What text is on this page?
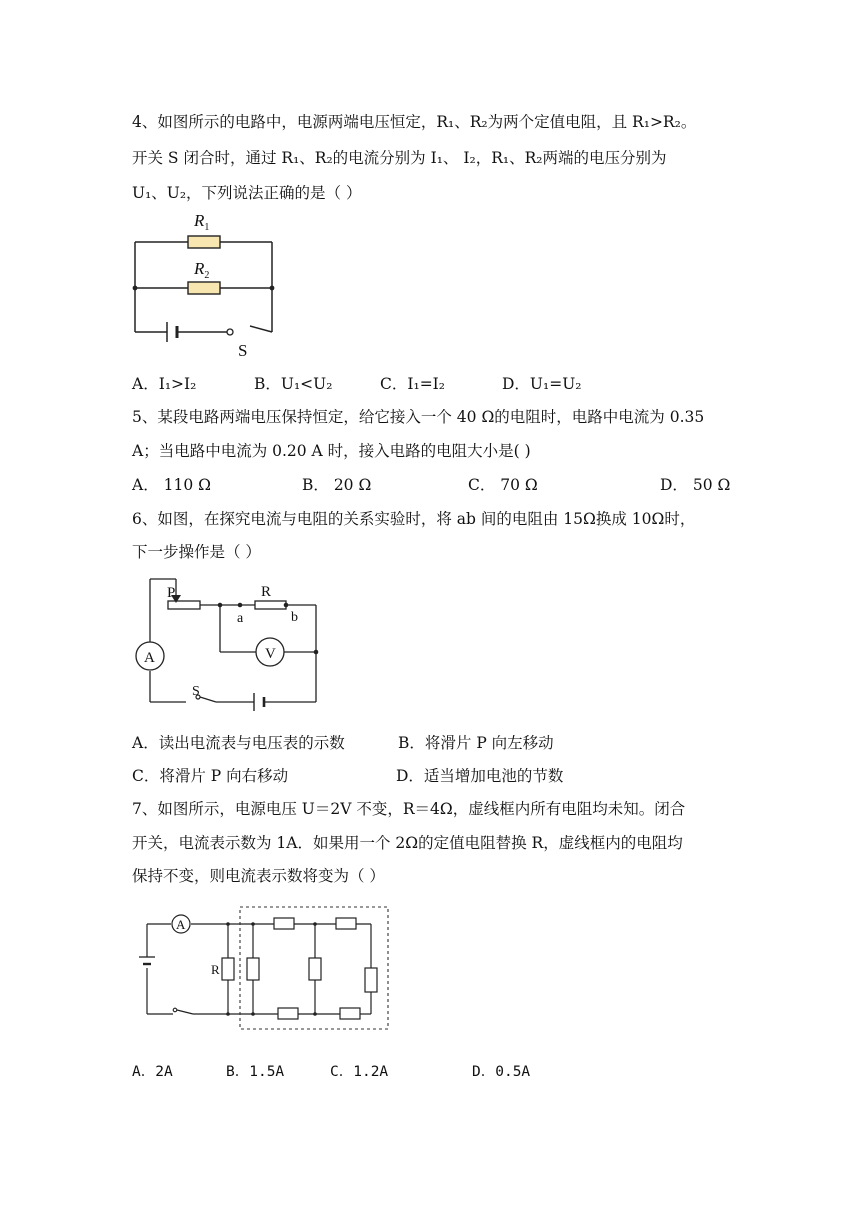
4、如图所示的电路中，电源两端电压恒定，R₁、R₂为两个定值电阻，且 R₁>R₂。
开关 S 闭合时，通过 R₁、R₂的电流分别为 I₁、 I₂，R₁、R₂两端的电压分别为
U₁、U₂，下列说法正确的是（ ）
$R_1$
$R_2$
S
A．I₁>I₂	B．U₁<U₂	C．I₁=I₂	D．U₁=U₂
5、某段电路两端电压保持恒定，给它接入一个 40 Ω的电阻时，电路中电流为 0.35
A；当电路中电流为 0.20 A 时，接入电路的电阻大小是( )
A． 110 Ω	B． 20 Ω	C． 70 Ω	D． 50 Ω
6、如图，在探究电流与电阻的关系实验时，将 ab 间的电阻由 15Ω换成 10Ω时，
下一步操作是（ ）
P	R
a	b
A	V
S
A．读出电流表与电压表的示数	B．将滑片 P 向左移动
C．将滑片 P 向右移动	D．适当增加电池的节数
7、如图所示，电源电压 U＝2V 不变，R＝4Ω，虚线框内所有电阻均未知。闭合
开关，电流表示数为 1A．如果用一个 2Ω的定值电阻替换 R，虚线框内的电阻均
保持不变，则电流表示数将变为（ ）
A
R
A．2A	B．1.5A	C．1.2A	D．0.5A
